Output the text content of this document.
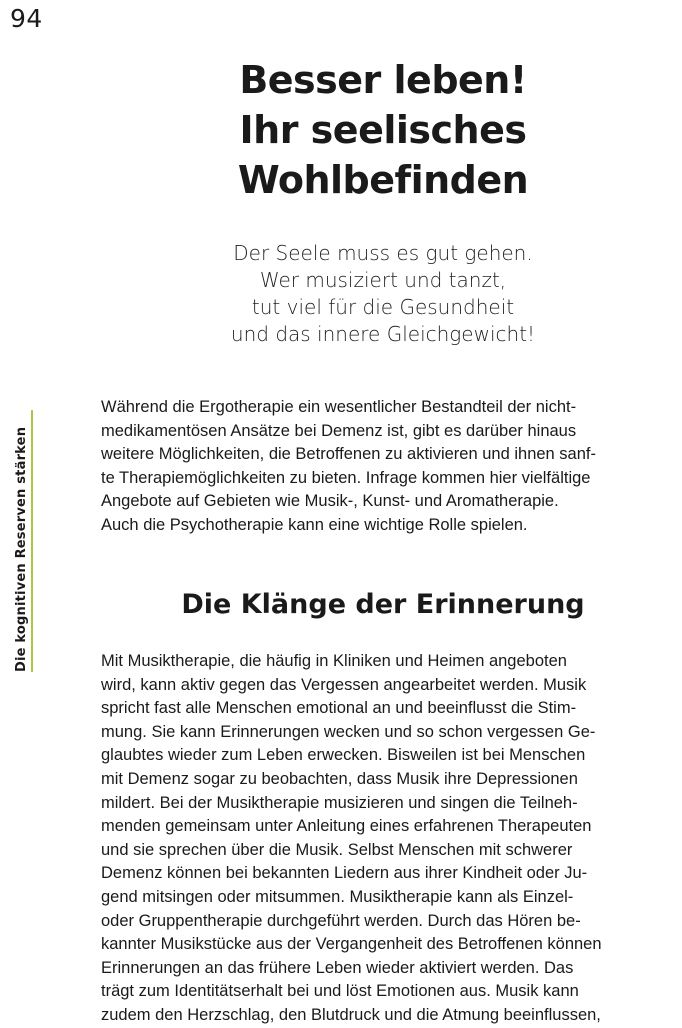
94
Die kognitiven Reserven stärken
Besser leben!
Ihr seelisches
Wohlbefinden
Der Seele muss es gut gehen.
Wer musiziert und tanzt,
tut viel für die Gesundheit
und das innere Gleichgewicht!
Während die Ergotherapie ein wesentlicher Bestandteil der nicht-
medikamentösen Ansätze bei Demenz ist, gibt es darüber hinaus
weitere Möglichkeiten, die Betroffenen zu aktivieren und ihnen sanf-
te Therapiemöglichkeiten zu bieten. Infrage kommen hier vielfältige
Angebote auf Gebieten wie Musik-, Kunst- und Aromatherapie.
Auch die Psychotherapie kann eine wichtige Rolle spielen.
Die Klänge der Erinnerung
Mit Musiktherapie, die häufig in Kliniken und Heimen angeboten
wird, kann aktiv gegen das Vergessen angearbeitet werden. Musik
spricht fast alle Menschen emotional an und beeinflusst die Stim-
mung. Sie kann Erinnerungen wecken und so schon vergessen Ge-
glaubtes wieder zum Leben erwecken. Bisweilen ist bei Menschen
mit Demenz sogar zu beobachten, dass Musik ihre Depressionen
mildert. Bei der Musiktherapie musizieren und singen die Teilneh-
menden gemeinsam unter Anleitung eines erfahrenen Therapeuten
und sie sprechen über die Musik. Selbst Menschen mit schwerer
Demenz können bei bekannten Liedern aus ihrer Kindheit oder Ju-
gend mitsingen oder mitsummen. Musiktherapie kann als Einzel-
oder Gruppentherapie durchgeführt werden. Durch das Hören be-
kannter Musikstücke aus der Vergangenheit des Betroffenen können
Erinnerungen an das frühere Leben wieder aktiviert werden. Das
trägt zum Identitätserhalt bei und löst Emotionen aus. Musik kann
zudem den Herzschlag, den Blutdruck und die Atmung beeinflussen,
